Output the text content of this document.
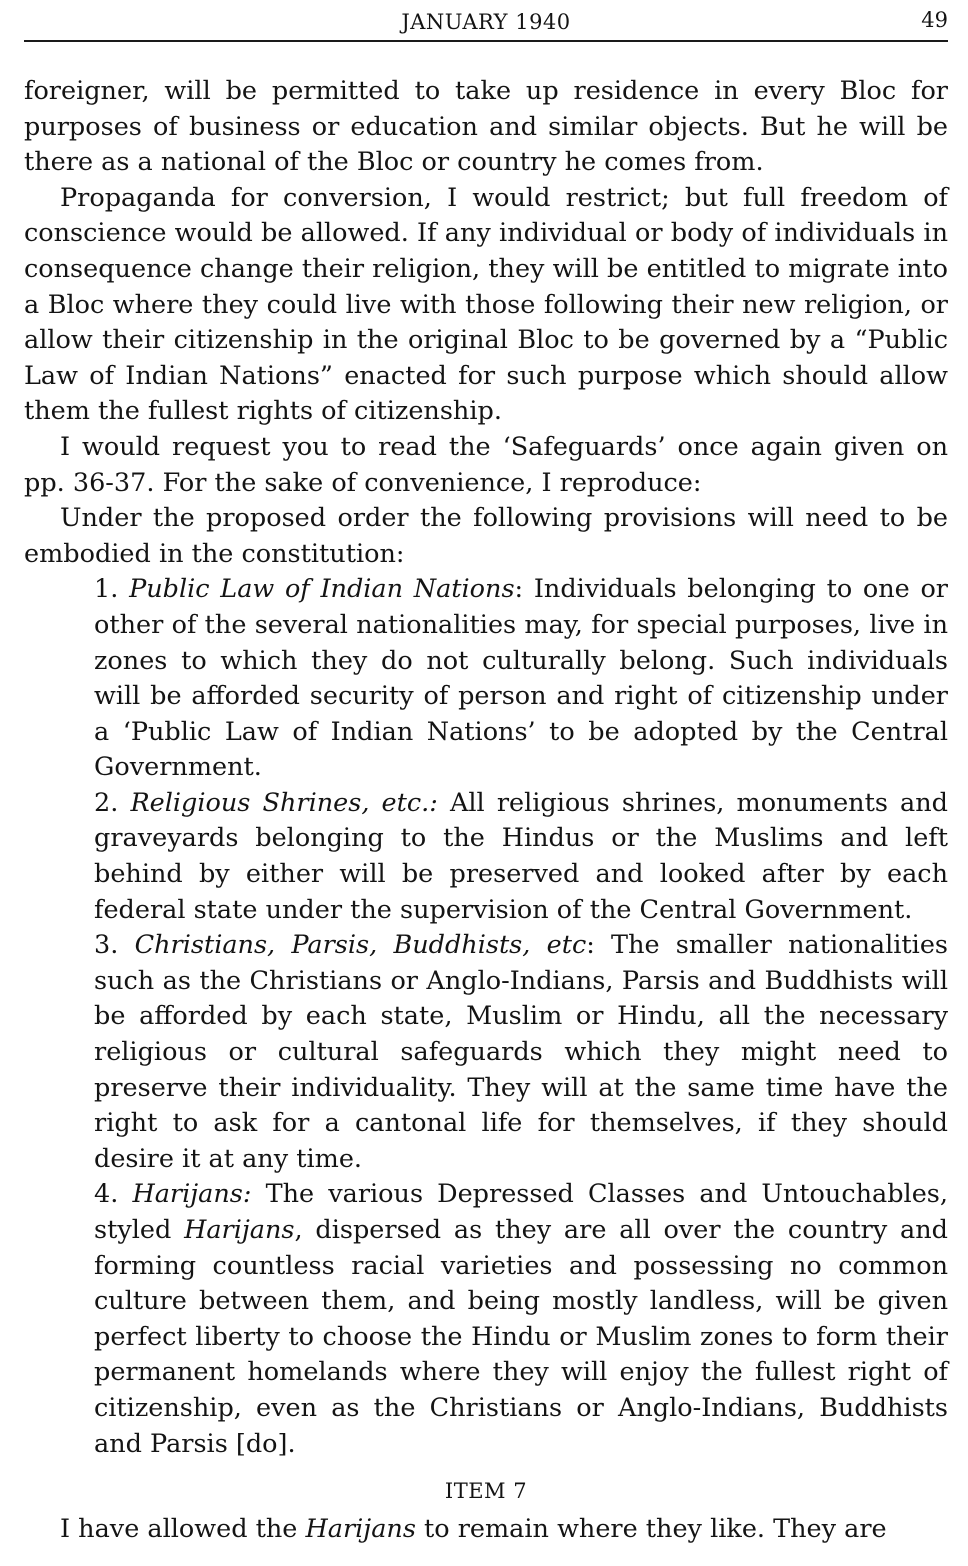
JANUARY 1940	49

foreigner, will be permitted to take up residence in every Bloc for purposes of business or education and similar objects. But he will be there as a national of the Bloc or country he comes from.

Propaganda for conversion, I would restrict; but full freedom of conscience would be allowed. If any individual or body of individuals in consequence change their religion, they will be entitled to migrate into a Bloc where they could live with those following their new religion, or allow their citizenship in the original Bloc to be governed by a “Public Law of Indian Nations” enacted for such purpose which should allow them the fullest rights of citizenship.

I would request you to read the ‘Safeguards’ once again given on pp. 36-37. For the sake of convenience, I reproduce:

Under the proposed order the following provisions will need to be embodied in the constitution:

1. Public Law of Indian Nations: Individuals belonging to one or other of the several nationalities may, for special purposes, live in zones to which they do not culturally belong. Such individuals will be afforded security of person and right of citizenship under a ‘Public Law of Indian Nations’ to be adopted by the Central Government.

2. Religious Shrines, etc.: All religious shrines, monuments and graveyards belonging to the Hindus or the Muslims and left behind by either will be preserved and looked after by each federal state under the supervision of the Central Government.

3. Christians, Parsis, Buddhists, etc: The smaller nationalities such as the Christians or Anglo-Indians, Parsis and Buddhists will be afforded by each state, Muslim or Hindu, all the necessary religious or cultural safeguards which they might need to preserve their individuality. They will at the same time have the right to ask for a cantonal life for themselves, if they should desire it at any time.

4. Harijans: The various Depressed Classes and Untouchables, styled Harijans, dispersed as they are all over the country and forming countless racial varieties and possessing no common culture between them, and being mostly landless, will be given perfect liberty to choose the Hindu or Muslim zones to form their permanent homelands where they will enjoy the fullest right of citizenship, even as the Christians or Anglo-Indians, Buddhists and Parsis [do].

ITEM 7

I have allowed the Harijans to remain where they like. They are
